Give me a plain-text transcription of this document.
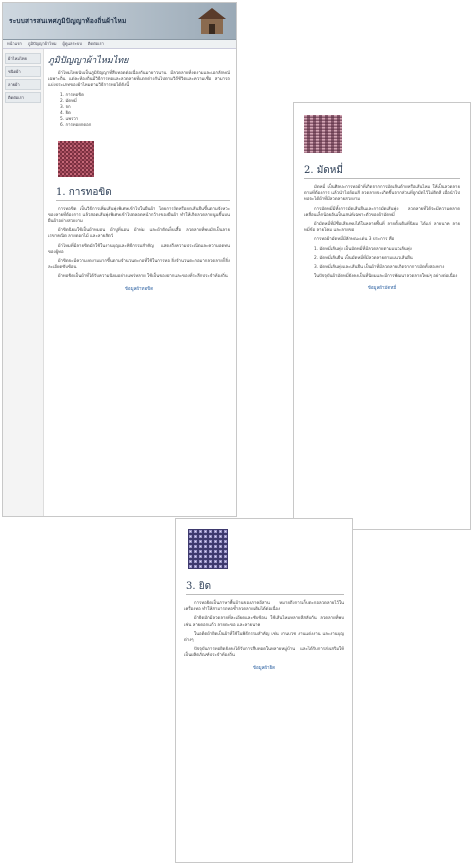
ระบบสารสนเทศภูมิปัญญาท้องถิ่นผ้าไหม
หน้าแรก ภูมิปัญญาผ้าไหม ผู้ดูแลระบบ ติดต่อเรา
ผ้าไหมไทย
ชนิดผ้า
ลายผ้า
ติดต่อเรา
ภูมิปัญญาผ้าไหมไทย

ผ้าไหมไทยนับเป็นภูมิปัญญาที่สืบทอดต่อเนื่องกันมายาวนาน มีลวดลายที่งดงามและเอกลักษณ์เฉพาะถิ่น แต่ละท้องถิ่นมีวิธีการทอและลวดลายที่แตกต่างกันไปตามวิถีชีวิตและความเชื่อ สามารถแบ่งประเภทของผ้าไหมตามวิธีการทอได้ดังนี้

1. การทอขิด
2. มัดหมี่
3. จก
4. ยิด
5. แพรวา
6. การทอยกดอก
1. การทอขิด

การทอขิด เป็นวิธีการเพิ่มเส้นพุ่งพิเศษเข้าไปในผืนผ้า โดยการงัดหรือยกเส้นยืนขึ้นตามจังหวะของลายที่ต้องการ แล้วสอดเส้นพุ่งพิเศษเข้าไปตลอดหน้ากว้างของผืนผ้า ทำให้เกิดลวดลายนูนขึ้นบนผืนผ้าอย่างสวยงาม

ผ้าขิดนิยมใช้เป็นผ้าหมอน ผ้าปูที่นอน ผ้าห่ม และผ้าตัดเย็บเสื้อ ลวดลายที่พบมักเป็นลายเรขาคณิต ลายดอกไม้ และลายสัตว์

ผ้าไหมที่มีลายขิดมักใช้ในงานบุญและพิธีกรรมสำคัญ แสดงถึงความประณีตและความอดทนของผู้ทอ

ผ้าขิดจะมีความงดงามมากขึ้นตามจำนวนตะกอที่ใช้ในการทอ ยิ่งจำนวนตะกอมากลวดลายก็ยิ่งละเอียดซับซ้อน

ผ้าทอขิดเป็นผ้าที่ได้รับความนิยมอย่างแพร่หลาย ใช้เป็นของฝากและของที่ระลึกประจำท้องถิ่น

ข้อมูลผ้าทอขิด
2. มัดหมี่

มัดหมี่ เป็นศิลปะการทอผ้าที่เกิดจากการมัดเส้นด้ายหรือเส้นไหม ให้เป็นลวดลายตามที่ต้องการ แล้วนำไปย้อมสี ลวดลายจะเกิดขึ้นจากส่วนที่ถูกมัดไว้ไม่ติดสี เมื่อนำไปทอจะได้ผ้าที่มีลวดลายสวยงาม

การมัดหมี่มีทั้งการมัดเส้นยืนและการมัดเส้นพุ่ง ลวดลายที่ได้จะมีความคลาดเคลื่อนเล็กน้อยอันเป็นเสน่ห์เฉพาะตัวของผ้ามัดหมี่

ผ้ามัดหมี่ที่มีชื่อเสียงพบได้ในหลายพื้นที่ ลายดั้งเดิมที่นิยม ได้แก่ ลายนาค ลายหมี่ข้อ ลายโคม และลายขอ

การทอผ้ามัดหมี่มีลักษณะเด่น 3 ประการ คือ

1. มัดหมี่เส้นพุ่ง เป็นมัดหมี่ที่มีลวดลายตามแนวเส้นพุ่ง

2. มัดหมี่เส้นยืน เป็นมัดหมี่ที่มีลวดลายตามแนวเส้นยืน

3. มัดหมี่เส้นพุ่งและเส้นยืน เป็นผ้าที่มีลวดลายเกิดจากการมัดทั้งสองทาง

ในปัจจุบันผ้ามัดหมี่ยังคงเป็นที่นิยมและมีการพัฒนาลวดลายใหม่ๆ อย่างต่อเนื่อง

ข้อมูลผ้ามัดหมี่
3. ยิด

การทอยิดเป็นภาษาพื้นบ้านของภาคอีสาน หมายถึงการเก็บตะกอลวดลายไว้ในเครื่องทอ ทำให้สามารถทอซ้ำลวดลายเดิมได้ต่อเนื่อง

ผ้ายิดมักมีลวดลายที่ละเอียดและซับซ้อน ใช้เส้นไหมหลายสีสลับกัน ลวดลายที่พบ เช่น ลายดอกแก้ว ลายตะขอ และลายนาค

ในอดีตผ้ายิดเป็นผ้าที่ใช้ในพิธีกรรมสำคัญ เช่น งานบวช งานแต่งงาน และงานบุญต่างๆ

ปัจจุบันการทอยิดยังคงได้รับการสืบทอดในหลายหมู่บ้าน และได้รับการส่งเสริมให้เป็นผลิตภัณฑ์ประจำท้องถิ่น

ข้อมูลผ้ายิด
